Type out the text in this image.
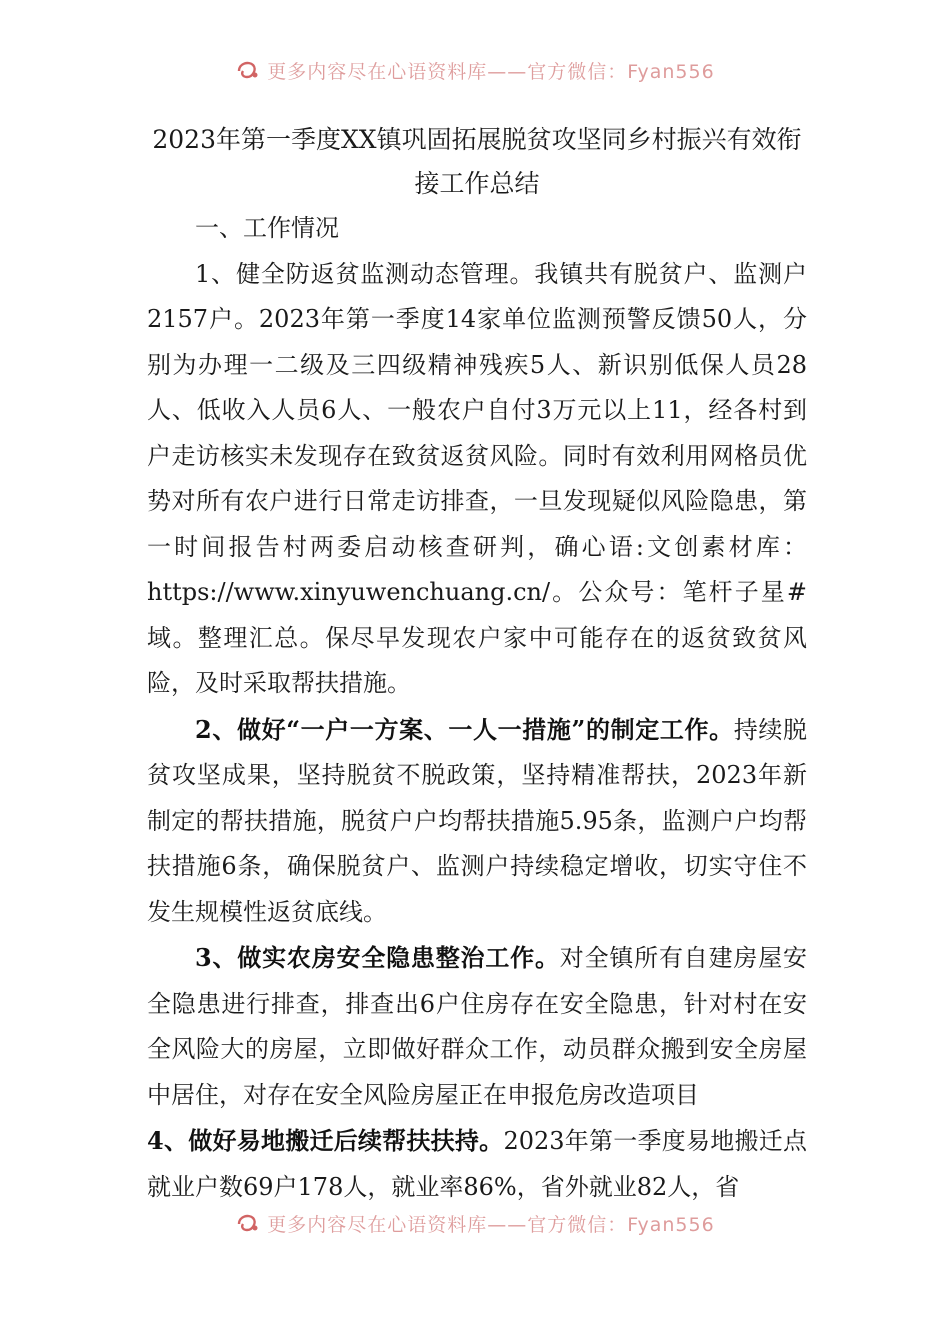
更多内容尽在心语资料库——官方微信：Fyan556
2023年第一季度XX镇巩固拓展脱贫攻坚同乡村振兴有效衔
接工作总结
一、工作情况

1、健全防返贫监测动态管理。我镇共有脱贫户、监测户2157户。2023年第一季度14家单位监测预警反馈50人，分别为办理一二级及三四级精神残疾5人、新识别低保人员28人、低收入人员6人、一般农户自付3万元以上11，经各村到户走访核实未发现存在致贫返贫风险。同时有效利用网格员优势对所有农户进行日常走访排查，一旦发现疑似风险隐患，第一时间报告村两委启动核查研判，确心语:文创素材库：https://www.xinyuwenchuang.cn/。公众号：笔杆子星#域。整理汇总。保尽早发现农户家中可能存在的返贫致贫风险，及时采取帮扶措施。

2、做好“一户一方案、一人一措施”的制定工作。持续脱贫攻坚成果，坚持脱贫不脱政策，坚持精准帮扶，2023年新制定的帮扶措施，脱贫户户均帮扶措施5.95条，监测户户均帮扶措施6条，确保脱贫户、监测户持续稳定增收，切实守住不发生规模性返贫底线。

3、做实农房安全隐患整治工作。对全镇所有自建房屋安全隐患进行排查，排查出6户住房存在安全隐患，针对村在安全风险大的房屋，立即做好群众工作，动员群众搬到安全房屋中居住，对存在安全风险房屋正在申报危房改造项目

4、做好易地搬迁后续帮扶扶持。2023年第一季度易地搬迁点就业户数69户178人，就业率86%，省外就业82人，省

更多内容尽在心语资料库——官方微信：Fyan556
